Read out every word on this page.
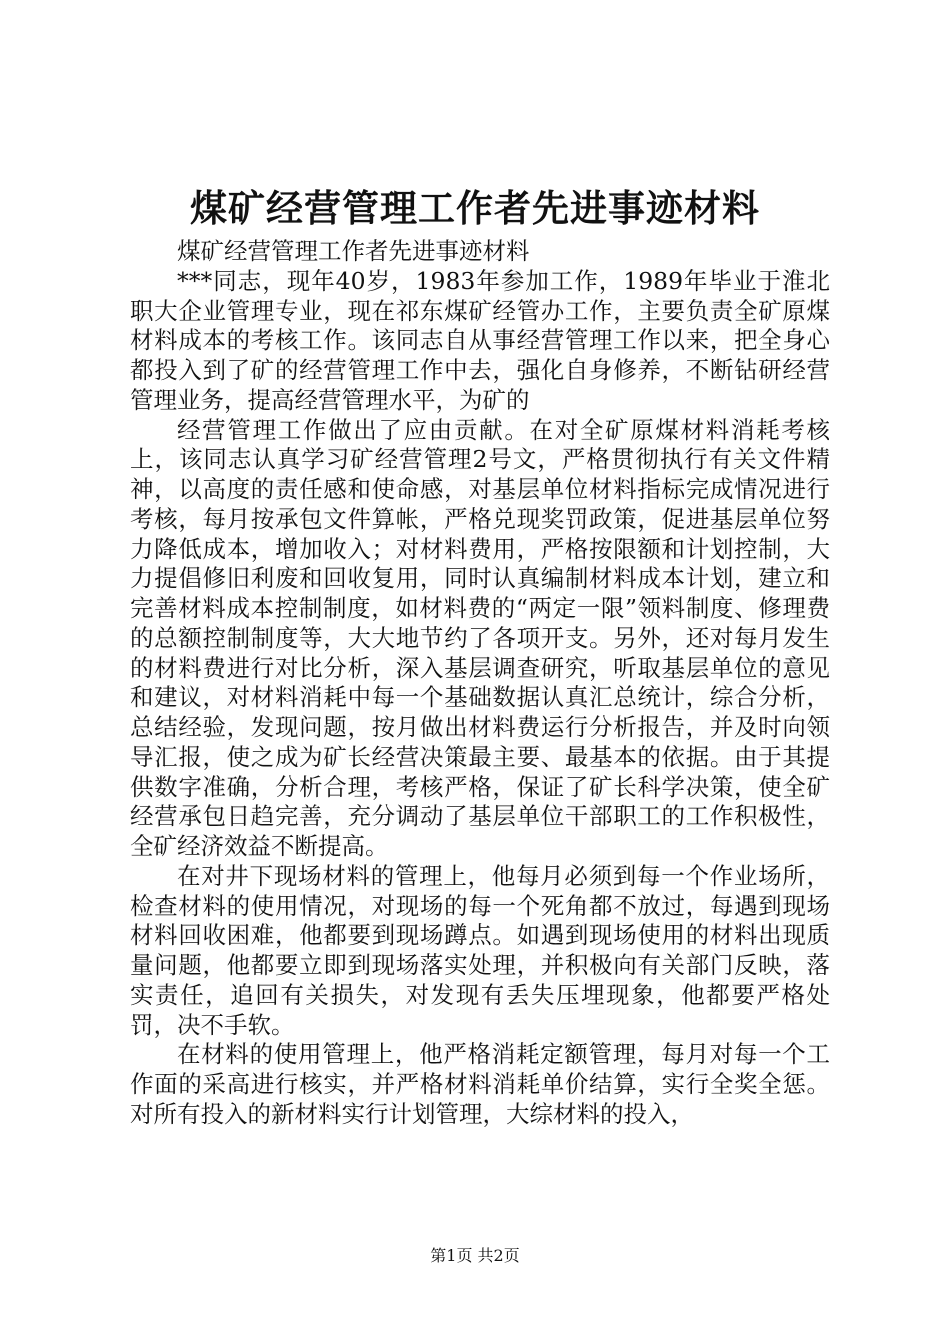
煤矿经营管理工作者先进事迹材料

煤矿经营管理工作者先进事迹材料

***同志，现年40岁，1983年参加工作，1989年毕业于淮北职大企业管理专业，现在祁东煤矿经管办工作，主要负责全矿原煤材料成本的考核工作。该同志自从事经营管理工作以来，把全身心都投入到了矿的经营管理工作中去，强化自身修养，不断钻研经营管理业务，提高经营管理水平，为矿的

经营管理工作做出了应由贡献。在对全矿原煤材料消耗考核上，该同志认真学习矿经营管理2号文，严格贯彻执行有关文件精神，以高度的责任感和使命感，对基层单位材料指标完成情况进行考核，每月按承包文件算帐，严格兑现奖罚政策，促进基层单位努力降低成本，增加收入；对材料费用，严格按限额和计划控制，大力提倡修旧利废和回收复用，同时认真编制材料成本计划，建立和完善材料成本控制制度，如材料费的“两定一限”领料制度、修理费的总额控制制度等，大大地节约了各项开支。另外，还对每月发生的材料费进行对比分析，深入基层调查研究，听取基层单位的意见和建议，对材料消耗中每一个基础数据认真汇总统计，综合分析，总结经验，发现问题，按月做出材料费运行分析报告，并及时向领导汇报，使之成为矿长经营决策最主要、最基本的依据。由于其提供数字准确，分析合理，考核严格，保证了矿长科学决策，使全矿经营承包日趋完善，充分调动了基层单位干部职工的工作积极性，全矿经济效益不断提高。

在对井下现场材料的管理上，他每月必须到每一个作业场所，检查材料的使用情况，对现场的每一个死角都不放过，每遇到现场材料回收困难，他都要到现场蹲点。如遇到现场使用的材料出现质量问题，他都要立即到现场落实处理，并积极向有关部门反映，落实责任，追回有关损失，对发现有丢失压埋现象，他都要严格处罚，决不手软。

在材料的使用管理上，他严格消耗定额管理，每月对每一个工作面的采高进行核实，并严格材料消耗单价结算，实行全奖全惩。对所有投入的新材料实行计划管理，大综材料的投入，

第1页 共2页
